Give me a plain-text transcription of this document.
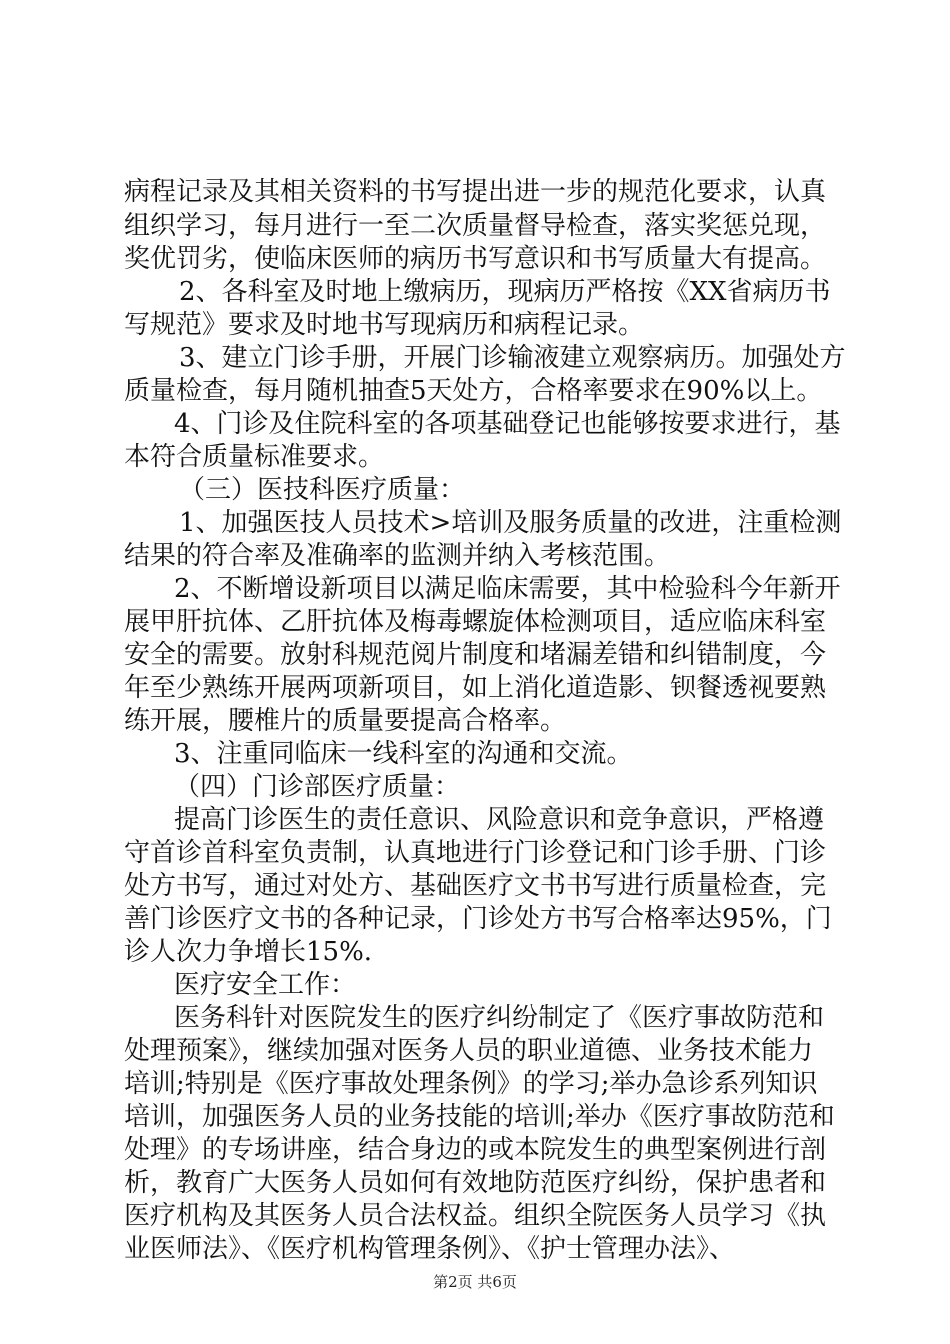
病程记录及其相关资料的书写提出进一步的规范化要求，认真
组织学习，每月进行一至二次质量督导检查，落实奖惩兑现，
奖优罚劣，使临床医师的病历书写意识和书写质量大有提高。
2、各科室及时地上缴病历，现病历严格按《XX省病历书
写规范》要求及时地书写现病历和病程记录。
3、建立门诊手册，开展门诊输液建立观察病历。加强处方
质量检查，每月随机抽查5天处方，合格率要求在90%以上。
4、门诊及住院科室的各项基础登记也能够按要求进行，基
本符合质量标准要求。
（三）医技科医疗质量：
1、加强医技人员技术>培训及服务质量的改进，注重检测
结果的符合率及准确率的监测并纳入考核范围。
2、不断增设新项目以满足临床需要，其中检验科今年新开
展甲肝抗体、乙肝抗体及梅毒螺旋体检测项目，适应临床科室
安全的需要。放射科规范阅片制度和堵漏差错和纠错制度，今
年至少熟练开展两项新项目，如上消化道造影、钡餐透视要熟
练开展，腰椎片的质量要提高合格率。
3、注重同临床一线科室的沟通和交流。
（四）门诊部医疗质量：
提高门诊医生的责任意识、风险意识和竞争意识，严格遵
守首诊首科室负责制，认真地进行门诊登记和门诊手册、门诊
处方书写，通过对处方、基础医疗文书书写进行质量检查，完
善门诊医疗文书的各种记录，门诊处方书写合格率达95%，门
诊人次力争增长15%.
医疗安全工作：
医务科针对医院发生的医疗纠纷制定了《医疗事故防范和
处理预案》，继续加强对医务人员的职业道德、业务技术能力
培训;特别是《医疗事故处理条例》的学习;举办急诊系列知识
培训，加强医务人员的业务技能的培训;举办《医疗事故防范和
处理》的专场讲座，结合身边的或本院发生的典型案例进行剖
析，教育广大医务人员如何有效地防范医疗纠纷，保护患者和
医疗机构及其医务人员合法权益。组织全院医务人员学习《执
业医师法》、《医疗机构管理条例》、《护士管理办法》、
第2页 共6页
